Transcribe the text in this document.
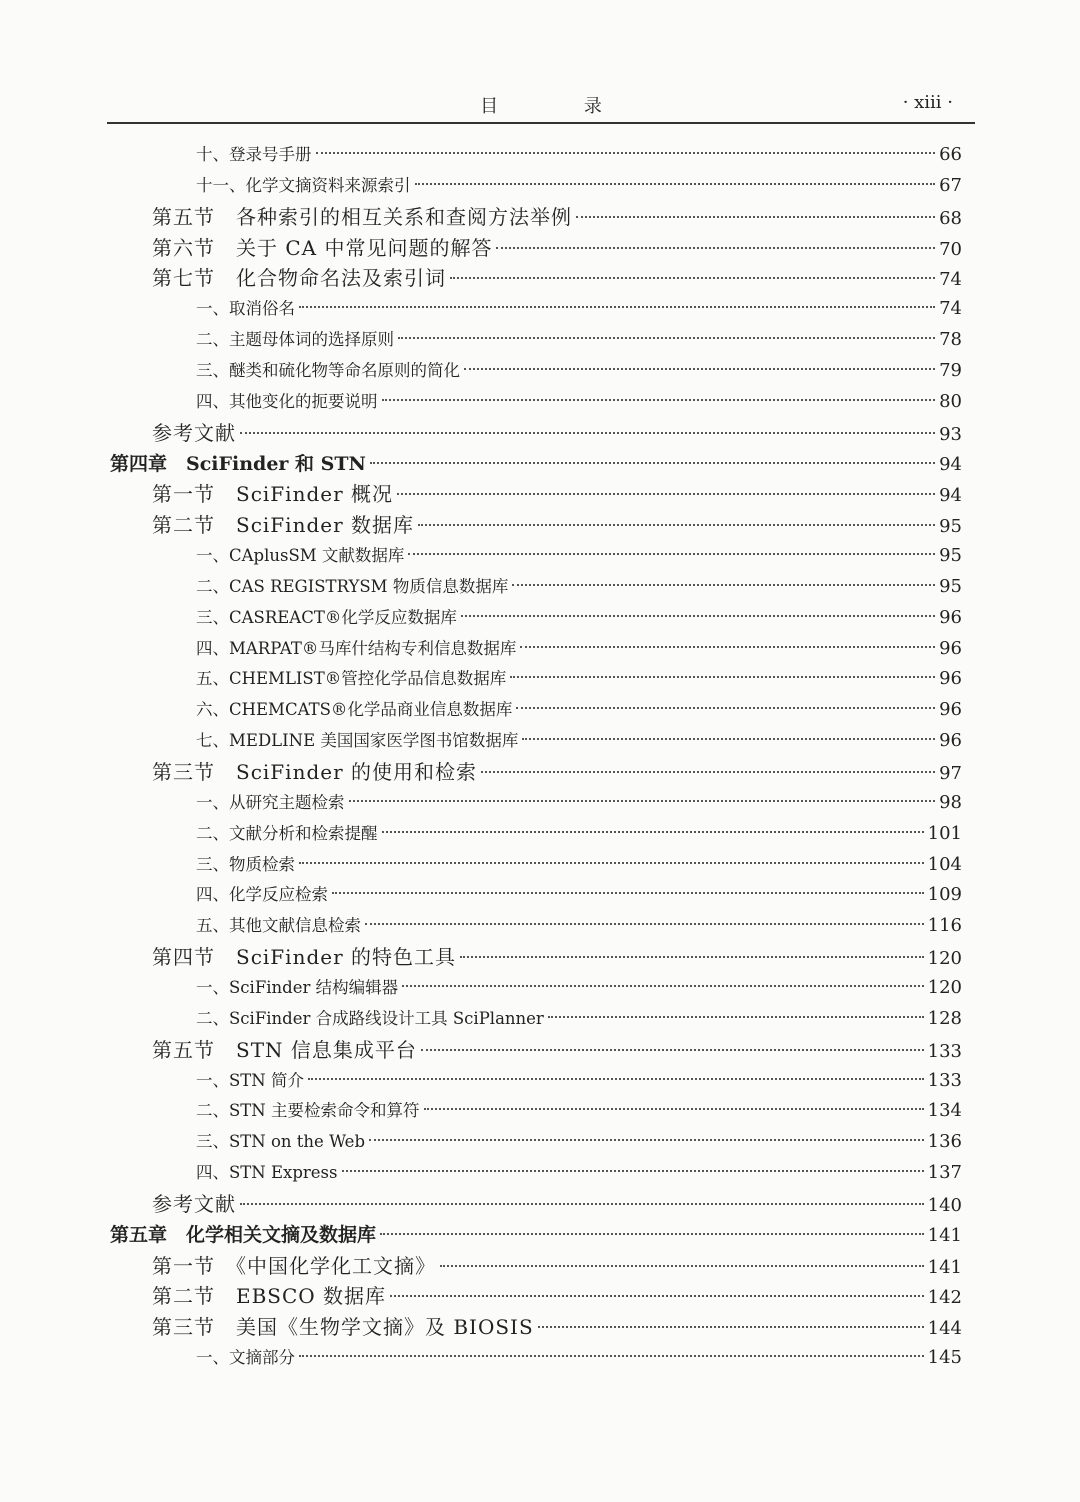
目 录	· xiii ·
十、登录号手册	66
十一、化学文摘资料来源索引	67
第五节　各种索引的相互关系和查阅方法举例	68
第六节　关于 CA 中常见问题的解答	70
第七节　化合物命名法及索引词	74
一、取消俗名	74
二、主题母体词的选择原则	78
三、醚类和硫化物等命名原则的简化	79
四、其他变化的扼要说明	80
参考文献	93
第四章　SciFinder 和 STN	94
第一节　SciFinder 概况	94
第二节　SciFinder 数据库	95
一、CAplusSM 文献数据库	95
二、CAS REGISTRYSM 物质信息数据库	95
三、CASREACT®化学反应数据库	96
四、MARPAT®马库什结构专利信息数据库	96
五、CHEMLIST®管控化学品信息数据库	96
六、CHEMCATS®化学品商业信息数据库	96
七、MEDLINE 美国国家医学图书馆数据库	96
第三节　SciFinder 的使用和检索	97
一、从研究主题检索	98
二、文献分析和检索提醒	101
三、物质检索	104
四、化学反应检索	109
五、其他文献信息检索	116
第四节　SciFinder 的特色工具	120
一、SciFinder 结构编辑器	120
二、SciFinder 合成路线设计工具 SciPlanner	128
第五节　STN 信息集成平台	133
一、STN 简介	133
二、STN 主要检索命令和算符	134
三、STN on the Web	136
四、STN Express	137
参考文献	140
第五章　化学相关文摘及数据库	141
第一节　《中国化学化工文摘》	141
第二节　EBSCO 数据库	142
第三节　美国《生物学文摘》及 BIOSIS	144
一、文摘部分	145
